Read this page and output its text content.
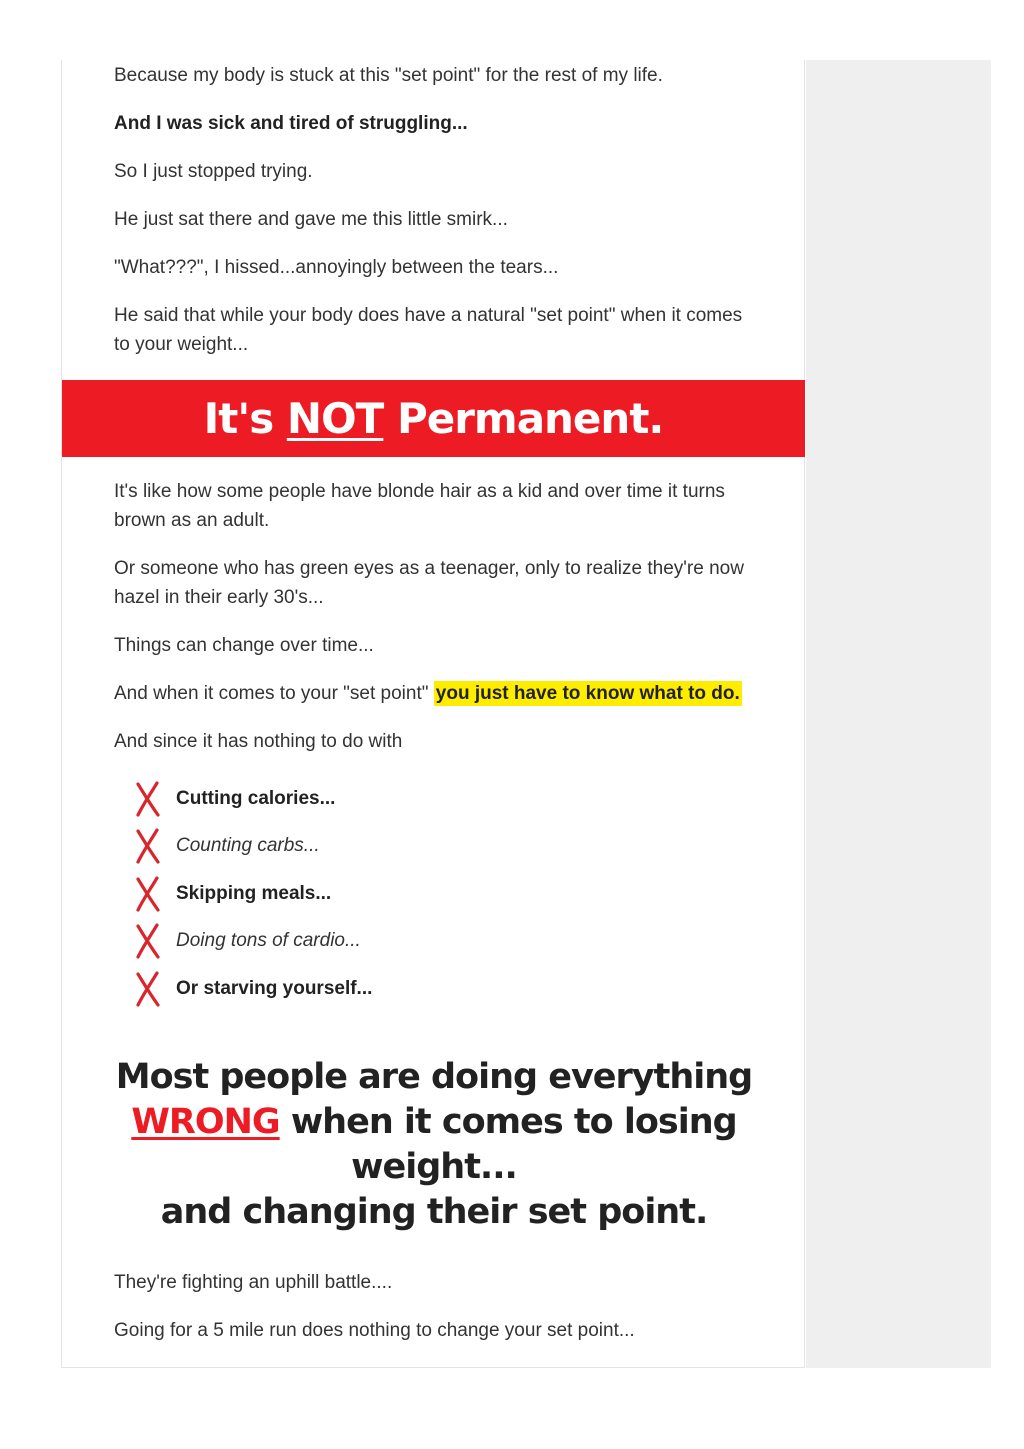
Because my body is stuck at this "set point" for the rest of my life.

And I was sick and tired of struggling...

So I just stopped trying.

He just sat there and gave me this little smirk...

"What???", I hissed...annoyingly between the tears...

He said that while your body does have a natural "set point" when it comes to your weight...

It's NOT Permanent.

It's like how some people have blonde hair as a kid and over time it turns brown as an adult.

Or someone who has green eyes as a teenager, only to realize they're now hazel in their early 30's...

Things can change over time...

And when it comes to your "set point" you just have to know what to do.

And since it has nothing to do with

Cutting calories...
Counting carbs...
Skipping meals...
Doing tons of cardio...
Or starving yourself...
Most people are doing everything
WRONG when it comes to losing weight...
and changing their set point.

They're fighting an uphill battle....

Going for a 5 mile run does nothing to change your set point...
